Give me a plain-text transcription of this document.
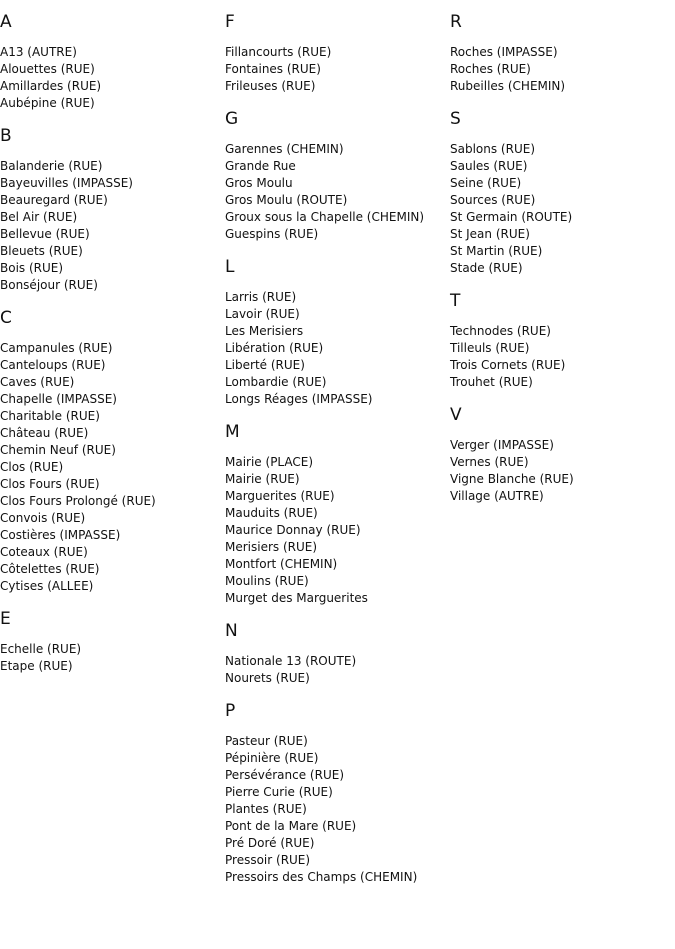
A
A13 (AUTRE)
Alouettes (RUE)
Amillardes (RUE)
Aubépine (RUE)
B
Balanderie (RUE)
Bayeuvilles (IMPASSE)
Beauregard (RUE)
Bel Air (RUE)
Bellevue (RUE)
Bleuets (RUE)
Bois (RUE)
Bonséjour (RUE)
C
Campanules (RUE)
Canteloups (RUE)
Caves (RUE)
Chapelle (IMPASSE)
Charitable (RUE)
Château (RUE)
Chemin Neuf (RUE)
Clos (RUE)
Clos Fours (RUE)
Clos Fours Prolongé (RUE)
Convois (RUE)
Costières (IMPASSE)
Coteaux (RUE)
Côtelettes (RUE)
Cytises (ALLEE)
E
Echelle (RUE)
Etape (RUE)
F
Fillancourts (RUE)
Fontaines (RUE)
Frileuses (RUE)
G
Garennes (CHEMIN)
Grande Rue
Gros Moulu
Gros Moulu (ROUTE)
Groux sous la Chapelle (CHEMIN)
Guespins (RUE)
L
Larris (RUE)
Lavoir (RUE)
Les Merisiers
Libération (RUE)
Liberté (RUE)
Lombardie (RUE)
Longs Réages (IMPASSE)
M
Mairie (PLACE)
Mairie (RUE)
Marguerites (RUE)
Mauduits (RUE)
Maurice Donnay (RUE)
Merisiers (RUE)
Montfort (CHEMIN)
Moulins (RUE)
Murget des Marguerites
N
Nationale 13 (ROUTE)
Nourets (RUE)
P
Pasteur (RUE)
Pépinière (RUE)
Persévérance (RUE)
Pierre Curie (RUE)
Plantes (RUE)
Pont de la Mare (RUE)
Pré Doré (RUE)
Pressoir (RUE)
Pressoirs des Champs (CHEMIN)
R
Roches (IMPASSE)
Roches (RUE)
Rubeilles (CHEMIN)
S
Sablons (RUE)
Saules (RUE)
Seine (RUE)
Sources (RUE)
St Germain (ROUTE)
St Jean (RUE)
St Martin (RUE)
Stade (RUE)
T
Technodes (RUE)
Tilleuls (RUE)
Trois Cornets (RUE)
Trouhet (RUE)
V
Verger (IMPASSE)
Vernes (RUE)
Vigne Blanche (RUE)
Village (AUTRE)
